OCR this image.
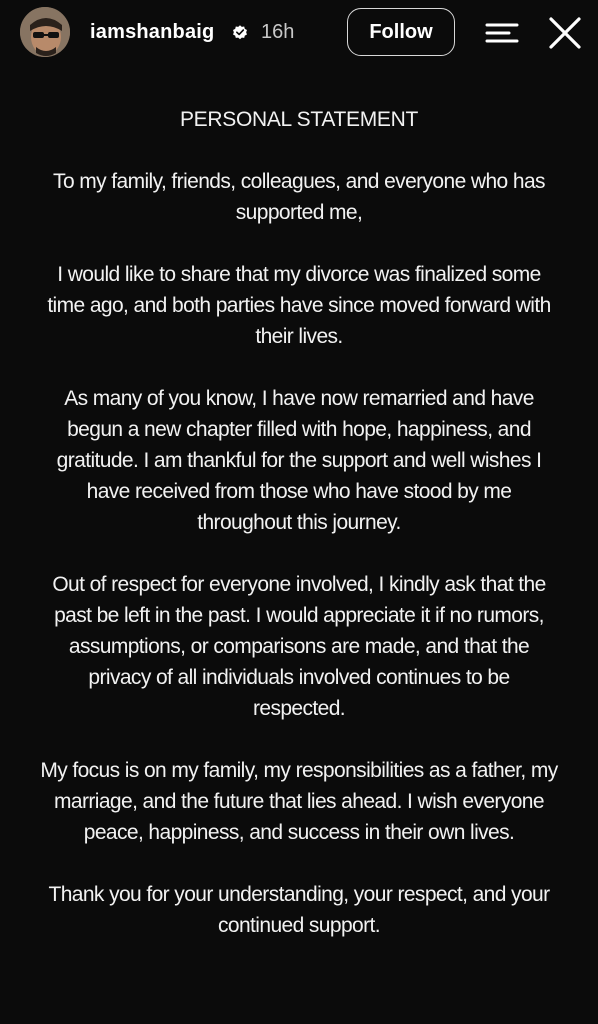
iamshanbaig 16h	Follow

PERSONAL STATEMENT

To my family, friends, colleagues, and everyone who has supported me,

I would like to share that my divorce was finalized some time ago, and both parties have since moved forward with their lives.

As many of you know, I have now remarried and have begun a new chapter filled with hope, happiness, and gratitude. I am thankful for the support and well wishes I have received from those who have stood by me throughout this journey.

Out of respect for everyone involved, I kindly ask that the past be left in the past. I would appreciate it if no rumors, assumptions, or comparisons are made, and that the privacy of all individuals involved continues to be respected.

My focus is on my family, my responsibilities as a father, my marriage, and the future that lies ahead. I wish everyone peace, happiness, and success in their own lives.

Thank you for your understanding, your respect, and your continued support.
